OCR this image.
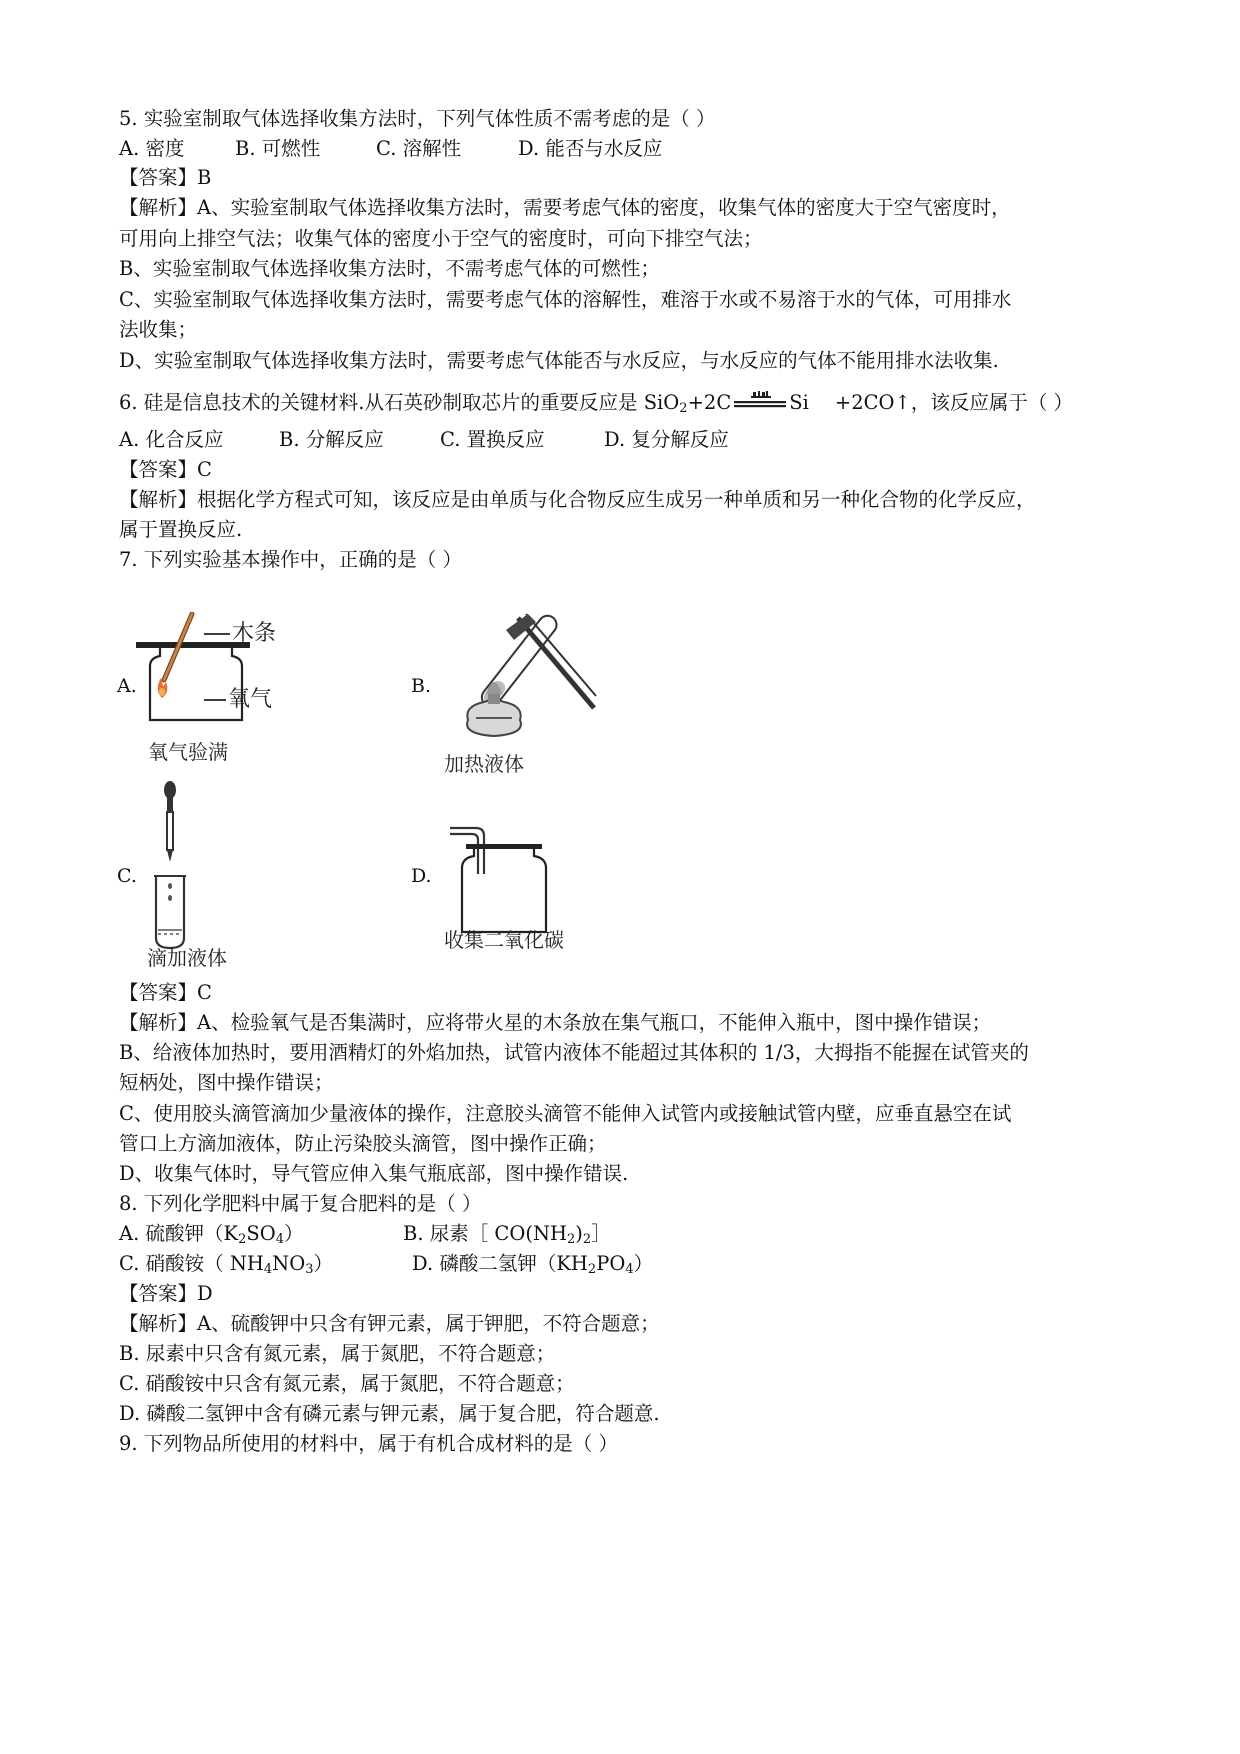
5. 实验室制取气体选择收集方法时，下列气体性质不需考虑的是（ ）
A. 密度	B. 可燃性	C. 溶解性	D. 能否与水反应
【答案】B
【解析】A、实验室制取气体选择收集方法时，需要考虑气体的密度，收集气体的密度大于空气密度时，
可用向上排空气法；收集气体的密度小于空气的密度时，可向下排空气法；
B、实验室制取气体选择收集方法时，不需考虑气体的可燃性；
C、实验室制取气体选择收集方法时，需要考虑气体的溶解性，难溶于水或不易溶于水的气体，可用排水
法收集；
D、实验室制取气体选择收集方法时，需要考虑气体能否与水反应，与水反应的气体不能用排水法收集.
6. 硅是信息技术的关键材料.从石英砂制取芯片的重要反应是 SiO$_2$+2C	Si +2CO↑，该反应属于（ ）
A. 化合反应	B. 分解反应	C. 置换反应	D. 复分解反应
【答案】C
【解析】根据化学方程式可知，该反应是由单质与化合物反应生成另一种单质和另一种化合物的化学反应，
属于置换反应.
7. 下列实验基本操作中，正确的是（ ）
A.
木条
氧气
氧气验满
B.
加热液体
C.
滴加液体
D.
收集二氧化碳
【答案】C
【解析】A、检验氧气是否集满时，应将带火星的木条放在集气瓶口，不能伸入瓶中，图中操作错误；
B、给液体加热时，要用酒精灯的外焰加热，试管内液体不能超过其体积的 1/3，大拇指不能握在试管夹的
短柄处，图中操作错误；
C、使用胶头滴管滴加少量液体的操作，注意胶头滴管不能伸入试管内或接触试管内壁，应垂直悬空在试
管口上方滴加液体，防止污染胶头滴管，图中操作正确；
D、收集气体时，导气管应伸入集气瓶底部，图中操作错误.
8. 下列化学肥料中属于复合肥料的是（ ）
A. 硫酸钾$(K_2SO_4)$	B. 尿素［ $CO(NH_2)_2]$
C. 硝酸铵（ $NH_4NO_3$）	D. 磷酸二氢钾$(KH_2PO_4)$
【答案】D
【解析】A、硫酸钾中只含有钾元素，属于钾肥，不符合题意；
B. 尿素中只含有氮元素，属于氮肥，不符合题意；
C. 硝酸铵中只含有氮元素，属于氮肥，不符合题意；
D. 磷酸二氢钾中含有磷元素与钾元素，属于复合肥，符合题意.
9. 下列物品所使用的材料中，属于有机合成材料的是（ ）
